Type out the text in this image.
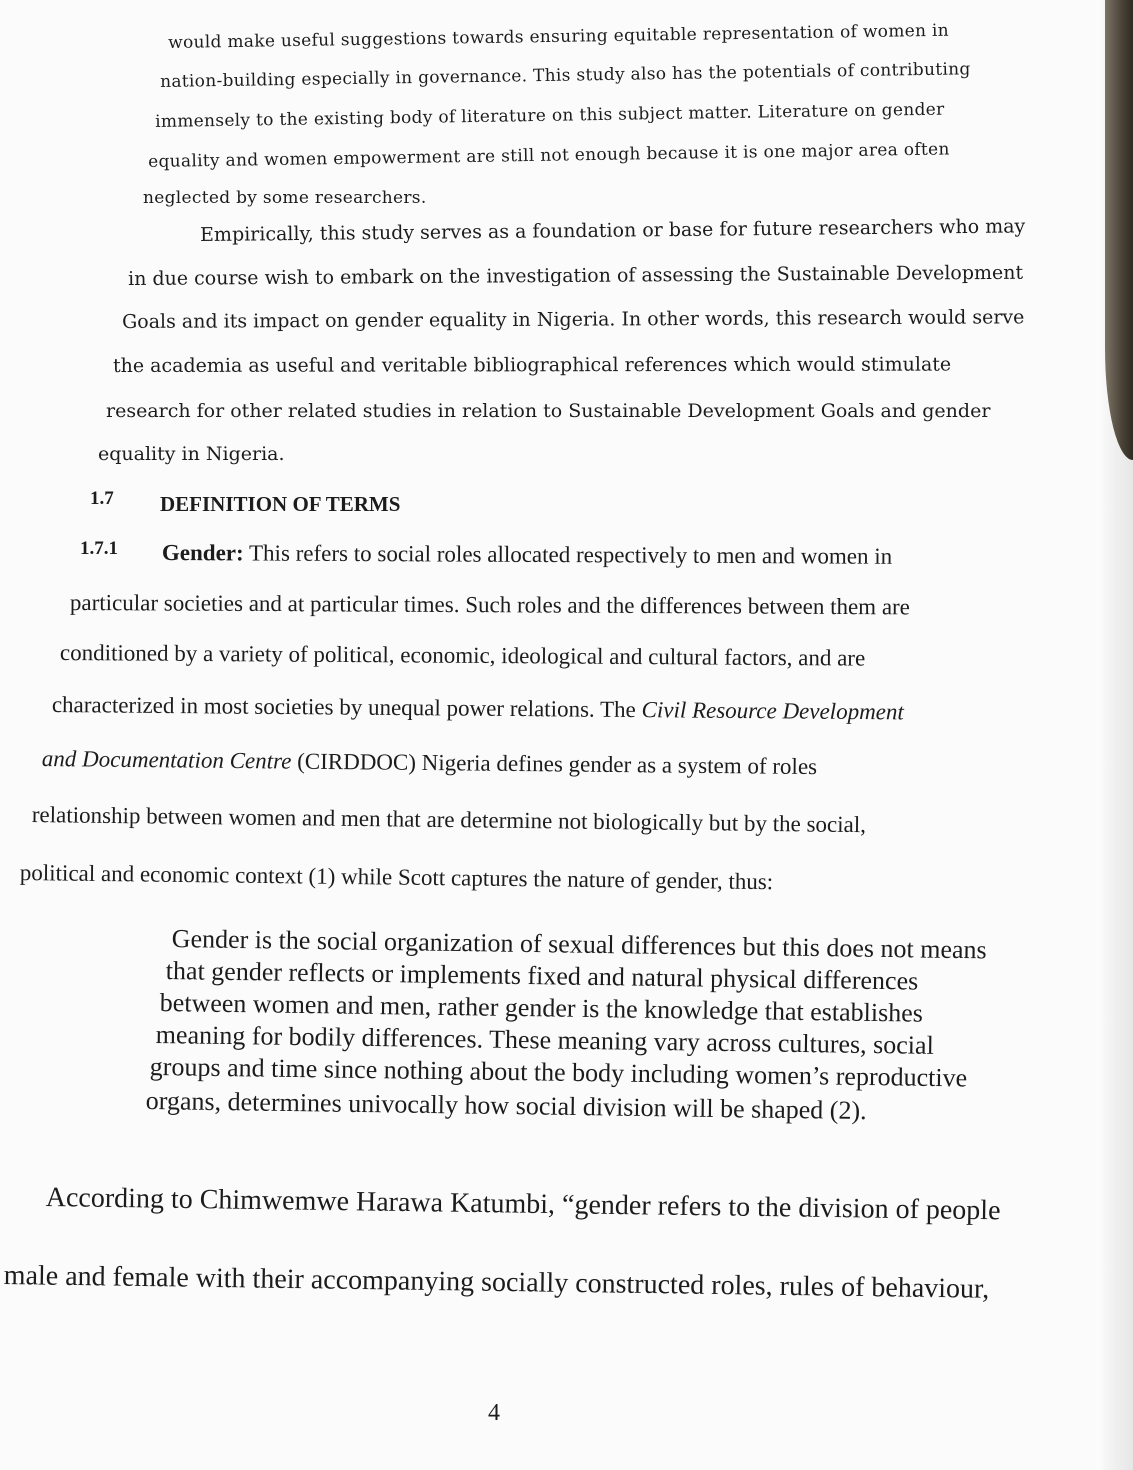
would make useful suggestions towards ensuring equitable representation of women in
nation-building especially in governance. This study also has the potentials of contributing
immensely to the existing body of literature on this subject matter. Literature on gender
equality and women empowerment are still not enough because it is one major area often
neglected by some researchers.
Empirically, this study serves as a foundation or base for future researchers who may
in due course wish to embark on the investigation of assessing the Sustainable Development
Goals and its impact on gender equality in Nigeria. In other words, this research would serve
the academia as useful and veritable bibliographical references which would stimulate
research for other related studies in relation to Sustainable Development Goals and gender
equality in Nigeria.
1.7 DEFINITION OF TERMS
1.7.1 Gender: This refers to social roles allocated respectively to men and women in
particular societies and at particular times. Such roles and the differences between them are
conditioned by a variety of political, economic, ideological and cultural factors, and are
characterized in most societies by unequal power relations. The Civil Resource Development
and Documentation Centre (CIRDDOC) Nigeria defines gender as a system of roles
relationship between women and men that are determine not biologically but by the social,
political and economic context (1) while Scott captures the nature of gender, thus:
Gender is the social organization of sexual differences but this does not means
that gender reflects or implements fixed and natural physical differences
between women and men, rather gender is the knowledge that establishes
meaning for bodily differences. These meaning vary across cultures, social
groups and time since nothing about the body including women’s reproductive
organs, determines univocally how social division will be shaped (2).
According to Chimwemwe Harawa Katumbi, “gender refers to the division of people
male and female with their accompanying socially constructed roles, rules of behaviour,
4
